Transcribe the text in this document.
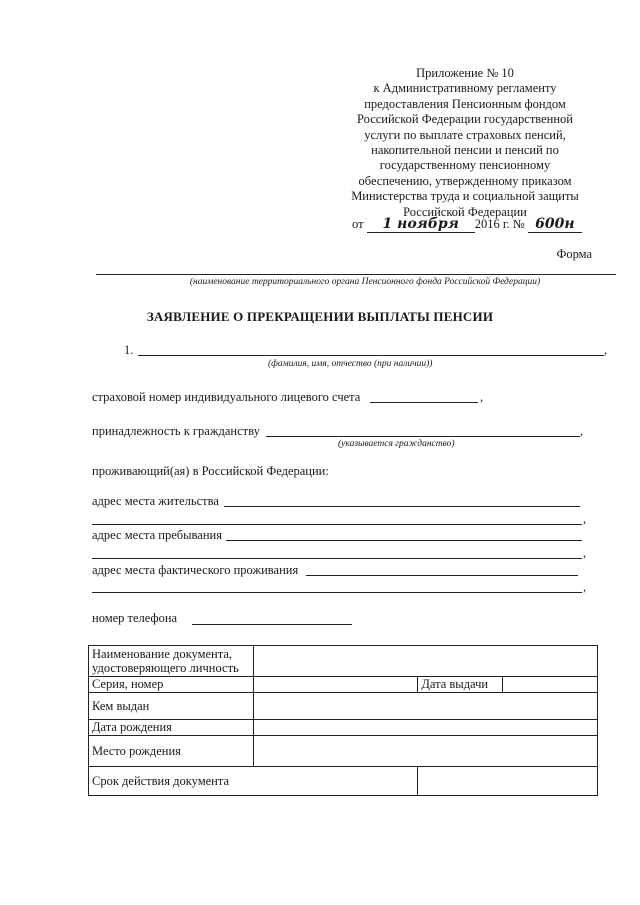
Приложение № 10
к Административному регламенту
предоставления Пенсионным фондом
Российской Федерации государственной
услуги по выплате страховых пенсий,
накопительной пенсии и пенсий по
государственному пенсионному
обеспечению, утвержденному приказом
Министерства труда и социальной защиты
Российской Федерации
от 1 ноября 2016 г. № 600н
Форма
(наименование территориального органа Пенсионного фонда Российской Федерации)
ЗАЯВЛЕНИЕ О ПРЕКРАЩЕНИИ ВЫПЛАТЫ ПЕНСИИ
1.	,
(фамилия, имя, отчество (при наличии))
страховой номер индивидуального лицевого счета	,
принадлежность к гражданству	,
(указывается гражданство)
проживающий(ая) в Российской Федерации:
адрес места жительства
,
адрес места пребывания
,
адрес места фактического проживания
,
номер телефона
Наименование документа,
удостоверяющего личность			

Серия, номер		Дата выдачи	
Кем выдан			
Дата рождения			
Место рождения			
Срок действия документа			
